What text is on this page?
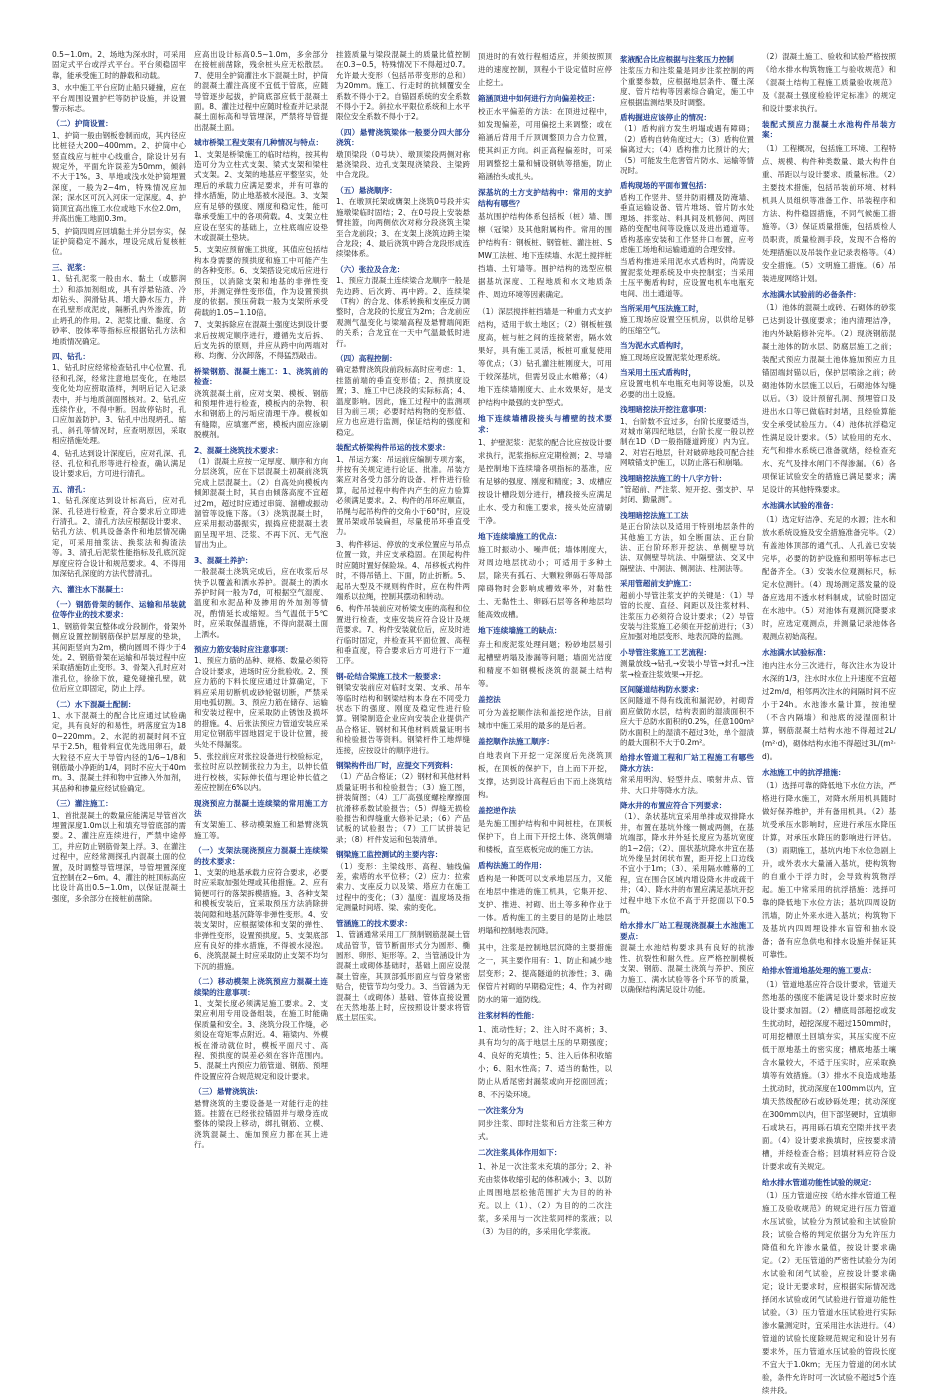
0.5~1.0m。2、场地为深水时，可采用固定式平台或浮式平台。平台须稳固牢靠，能承受施工时的静载和动载。

3、水中施工平台应防止船只碰撞，应在平台周围设置护栏等防护设施，并设置警示标志。

（二）护筒设置：

1、护筒一般由钢板卷制而成，其内径应比桩径大200~400mm。2、护筒中心竖直线应与桩中心线重合，除设计另有规定外，平面允许误差为50mm，倾斜不大于1%。3、旱地或浅水处护筒埋置深度，一般为2~4m，特殊情况应加深；深水区可沉入河床一定深度。4、护筒顶宜高出施工水位或地下水位2.0m，并高出施工地面0.3m。

5、护筒四周应回填黏土并分层夯实，保证护筒稳定不漏水，埋设完成后复核桩位。

三、泥浆：

1、钻孔泥浆一般由水、黏土（或膨润土）和添加剂组成，具有浮悬钻渣、冷却钻头、润滑钻具、增大静水压力，并在孔壁形成泥皮，隔断孔内外渗流，防止坍孔的作用。2、泥浆比重、黏度、含砂率、胶体率等指标应根据钻孔方法和地质情况确定。

四、钻孔：

1、钻孔时应经常检查钻孔中心位置、孔径和孔深，经常注意地层变化，在地层变化处均应捞取渣样，判明后记入记录表中，并与地质剖面图核对。2、钻孔应连续作业，不得中断。因故停钻时，孔口应加盖防护。3、钻孔中出现坍孔、缩孔、斜孔等情况时，应查明原因，采取相应措施处理。

4、钻孔达到设计深度后，应对孔深、孔径、孔位和孔形等进行检查，确认满足设计要求后，方可进行清孔。

五、清孔：

1、钻孔深度达到设计标高后，应对孔深、孔径进行检查，符合要求后立即进行清孔。2、清孔方法应根据设计要求、钻孔方法、机具设备条件和地层情况确定，可采用抽浆法、换浆法和掏渣法等。3、清孔后泥浆性能指标及孔底沉淀厚度应符合设计和规范要求。4、不得用加深钻孔深度的方法代替清孔。

六、灌注水下混凝土：
（一）钢筋骨架的制作、运输和吊装就位等作业的技术要求：

1、钢筋骨架宜整体或分段制作，骨架外侧应设置控制钢筋保护层厚度的垫块，其间距竖向为2m，横向圆周不得少于4处。2、钢筋骨架在运输和吊装过程中应采取措施防止变形。3、骨架入孔时应对准孔位，徐徐下放，避免碰撞孔壁，就位后应立即固定，防止上浮。

（二）水下混凝土配制：

1、水下混凝土的配合比应通过试验确定，具有良好的和易性，坍落度宜为180~220mm。2、水泥的初凝时间不宜早于2.5h，粗骨料宜优先选用卵石，最大粒径不应大于导管内径的1/6~1/8和钢筋最小净距的1/4，同时不应大于40mm。3、混凝土拌和物中宜掺入外加剂，其品种和掺量应经试验确定。

（三）灌注施工：

1、首批混凝土的数量应能满足导管首次埋置深度1.0m以上和填充导管底部的需要。2、灌注应连续进行，严禁中途停工，并应防止钢筋骨架上浮。3、在灌注过程中，应经常测探孔内混凝土面的位置，及时调整导管埋深，导管埋置深度宜控制在2~6m。4、灌注的桩顶标高应比设计高出0.5~1.0m，以保证混凝土强度，多余部分在接桩前凿除。

应高出设计标高0.5~1.0m，多余部分在接桩前凿除，残余桩头应无松散层。7、使用全护筒灌注水下混凝土时，护筒的混凝土灌注高度不宜低于管底，应随导管逐步起拔，护筒底部应低于混凝土面。8、灌注过程中应随时检查并记录混凝土面标高和导管埋深，严禁将导管提出混凝土面。

城市桥梁工程支架有几种情况与特点：

1、支架是桥梁施工的临时结构，按其构造可分为立柱式支架、梁式支架和梁柱式支架。2、支架的地基应平整坚实，处理后的承载力应满足要求，并有可靠的排水措施，防止地基被水浸泡。3、支架应有足够的强度、刚度和稳定性，能可靠承受施工中的各项荷载。4、支架立柱应设在坚实的基础上，立柱底端应设垫木或混凝土垫块。

5、支架应预留施工拱度，其值应包括结构本身需要的预拱度和施工中可能产生的各种变形。6、支架搭设完成后应进行预压，以消除支架和地基的非弹性变形，并测定弹性变形值，作为设置预拱度的依据。预压荷载一般为支架所承受荷载的1.05~1.10倍。

7、支架拆除应在混凝土强度达到设计要求后按规定顺序进行，遵循先支后拆、后支先拆的原则，并应从跨中向两端对称、均衡、分次卸落，不得猛烈敲击。

桥梁钢筋、混凝土施工：1、浇筑前的检查：

浇筑混凝土前，应对支架、模板、钢筋和预埋件进行检查，模板内的杂物、积水和钢筋上的污垢应清理干净。模板如有缝隙，应填塞严密，模板内面应涂刷脱模剂。

2、混凝土浇筑技术要求：

（1）混凝土应按一定厚度、顺序和方向分层浇筑，应在下层混凝土初凝前浇筑完成上层混凝土。（2）自高处向模板内倾卸混凝土时，其自由倾落高度不宜超过2m，超过时应通过串筒、溜槽或振动溜管等设施下落。（3）浇筑混凝土时，应采用振动器振实，振捣应使混凝土表面呈现平坦、泛浆、不再下沉、无气泡冒出为止。

3、混凝土养护：

一般混凝土浇筑完成后，应在收浆后尽快予以覆盖和洒水养护。混凝土的洒水养护时间一般为7d，可根据空气湿度、温度和水泥品种及掺用的外加剂等情况，酌情延长或缩短。当气温低于5℃时，应采取保温措施，不得向混凝土面上洒水。

预应力筋安装时应注意事项：

1、预应力筋的品种、规格、数量必须符合设计要求，进场时应分批验收。2、预应力筋的下料长度应通过计算确定，下料应采用切断机或砂轮锯切断，严禁采用电弧切割。3、预应力筋在储存、运输和安装过程中，应采取防止锈蚀及损坏的措施。4、后张法预应力管道安装应采用定位钢筋牢固地固定于设计位置，接头处不得漏浆。

5、张拉前应对张拉设备进行校验标定，张拉时应以控制张拉力为主，以伸长值进行校核，实际伸长值与理论伸长值之差应控制在6%以内。

现浇预应力混凝土连续梁的常用施工方法

有支架施工、移动模架施工和悬臂浇筑施工等。

（一）支架法现浇预应力混凝土连续梁的技术要求：

1、支架的地基承载力应符合要求，必要时应采取加强处理或其他措施。2、应有简便可行的落架拆模措施。3、各种支架和模板安装后，宜采取预压方法消除拼装间隙和地基沉降等非弹性变形。4、安装支架时，应根据梁体和支架的弹性、非弹性变形，设置预拱度。5、支架底部应有良好的排水措施，不得被水浸泡。6、浇筑混凝土时应采取防止支架不均匀下沉的措施。

（二）移动模架上浇筑预应力混凝土连续梁的注意事项：

1、支架长度必须满足施工要求。2、支架应利用专用设备组装，在施工时能确保质量和安全。3、浇筑分段工作缝，必须设在弯矩零点附近。4、箱梁内、外模板在滑动就位时，模板平面尺寸、高程、预拱度的误差必须在容许范围内。5、混凝土内预应力筋管道、钢筋、预埋件设置应符合规范规定和设计要求。

（三）悬臂浇筑法：

悬臂浇筑的主要设备是一对能行走的挂篮。挂篮在已经张拉锚固并与墩身连成整体的梁段上移动，绑扎钢筋、立模、浇筑混凝土、施加预应力都在其上进行。

挂篮质量与梁段混凝土的质量比值控制在0.3~0.5，特殊情况下不得超过0.7。允许最大变形（包括吊带变形的总和）为20mm。施工、行走时的抗倾覆安全系数不得小于2。自锚固系统的安全系数不得小于2。斜拉水平限位系统和上水平限位安全系数不得小于2。

（四）悬臂浇筑梁体一般要分四大部分浇筑：

墩顶梁段（0号块）、墩顶梁段两侧对称悬浇梁段、边孔支架现浇梁段、主梁跨中合龙段。

（五）悬浇顺序：

1、在墩顶托架或膺架上浇筑0号段并实施墩梁临时固结；2、在0号段上安装悬臂挂篮，向两侧依次对称分段浇筑主梁至合龙前段；3、在支架上浇筑边跨主梁合龙段；4、最后浇筑中跨合龙段形成连续梁体系。

（六）张拉及合龙：

1、预应力混凝土连续梁合龙顺序一般是先边跨、后次跨、再中跨。2、连续梁（T构）的合龙、体系转换和支座反力调整时，合龙段的长度宜为2m；合龙前应观测气温变化与梁端高程及悬臂端间距的关系；合龙宜在一天中气温最低时进行。

（四）高程控制：

确定悬臂浇筑段前段标高时应考虑：1、挂篮前端的垂直变形值；2、预拱度设置；3、施工中已浇段的实际标高；4、温度影响。因此，施工过程中的监测项目为前三项；必要时结构物的变形值、应力也应进行监测，保证结构的强度和稳定。

装配式桥梁构件吊运的技术要求：

1、吊运方案：吊运前应编制专项方案，并按有关规定进行论证、批准。吊装方案应对各受力部分的设备、杆件进行验算，起吊过程中构件内产生的应力验算必须满足要求。2、构件的吊环应顺直，吊绳与起吊构件的交角小于60°时，应设置吊架或吊装扁担，尽量使吊环垂直受力。

3、构件移运、停放的支承位置应与吊点位置一致，并应支承稳固。在顶起构件时应随时置好保险垛。4、吊移板式构件时，不得吊错上、下面，防止折断。5、起吊大型及不规则构件时，应在构件两端系以拉绳，控制其摆动和转动。

6、构件吊装前应对桥梁支座的高程和位置进行检查，支座安装应符合设计及规范要求。7、构件安装就位后，应及时进行临时固定，并检查其平面位置、高程和垂直度，符合要求后方可进行下一道工序。

钢-砼结合梁施工技术一般要求：

钢梁安装前应对临时支架、支承、吊车等临时结构和钢梁结构本身在不同受力状态下的强度、刚度及稳定性进行验算。钢梁制造企业应向安装企业提供产品合格证、钢材和其他材料质量证明书和检验报告等资料。钢梁杆件工地焊缝连接，应按设计的顺序进行。

钢梁构件出厂时，应提交下列资料：

（1）产品合格证；（2）钢材和其他材料质量证明书和检验报告；（3）施工图，拼装简图；（4）工厂高强度螺栓摩擦面抗滑移系数试验报告；（5）焊缝无损检验报告和焊缝重大修补记录；（6）产品试板的试验报告；（7）工厂试拼装记录；（8）杆件发运和包装清单。

钢梁施工监控测试的主要内容：

（1）变形：主梁线形、高程、轴线偏差，索塔的水平位移；（2）应力：拉索索力、支座反力以及梁、塔应力在施工过程中的变化；（3）温度：温度场及指定测量时间塔、梁、索的变化。

管涵施工的技术要求：

1、管涵通常采用工厂预制钢筋混凝土管成品管节，管节断面形式分为圆形、椭圆形、卵形、矩形等。2、当管涵设计为混凝土或砌体基础时，基础上面应设混凝土管座，其顶部弧形面应与管身紧密贴合，使管节均匀受力。3、当管涵为无混凝土（或砌体）基础、管体直接设置在天然地基上时，应按照设计要求将管底土层压实。

顶进时的有效行程相适应，并须按照顶进的速度控制，顶程小于设定值时应停止挖土。

箱涵顶进中如何进行方向偏差校正：

校正水平偏差的方法：在顶进过程中，如发现偏差，可用偏挖土来调整；或在箱涵后背用千斤顶调整顶力合力位置，使其纠正方向。纠正高程偏差时，可采用调整挖土量和铺设钢轨等措施，防止箱涵抬头或扎头。

深基坑的土方支护结构中：常用的支护结构有哪些？

基坑围护结构体系包括板（桩）墙、围檩（冠梁）及其他附属构件。常用的围护结构有：钢板桩、钢管桩、灌注桩、SMW工法桩、地下连续墙、水泥土搅拌桩挡墙、土钉墙等。围护结构的选型应根据基坑深度、工程地质和水文地质条件、周边环境等因素确定。

（1）深层搅拌桩挡墙是一种重力式支护结构，适用于软土地区；（2）钢板桩强度高，桩与桩之间的连接紧密，隔水效果好，具有施工灵活，板桩可重复使用等优点；（3）钻孔灌注桩刚度大，可用于较深基坑，但需另设止水帷幕；（4）地下连续墙刚度大、止水效果好，是支护结构中最强的支护型式。

地下连续墙槽段接头与槽壁的技术要求：

1、护壁泥浆：泥浆的配合比应按设计要求执行，泥浆指标应定期检测；2、导墙是控制地下连续墙各项指标的基准，应有足够的强度、刚度和精度；3、成槽应按设计槽段划分进行，槽段接头应满足止水、受力和施工要求，接头处应清刷干净。

地下连续墙施工的优点：

施工时振动小、噪声低；墙体刚度大，对周边地层扰动小；可适用于多种土层，除夹有孤石、大颗粒卵砾石等局部障碍物时会影响成槽效率外，对黏性土、无黏性土、卵砾石层等各种地层均能高效成槽。

地下连续墙施工的缺点：

弃土和废泥浆处理问题；粉砂地层易引起槽壁坍塌及渗漏等问题；墙面光洁度和精度不如钢模板浇筑的混凝土结构等。

盖挖法

可分为盖挖顺作法和盖挖逆作法，目前城市中施工采用的最多的是后者。

盖挖顺作法施工顺序：

自地表向下开挖一定深度后先浇筑顶板，在顶板的保护下，自上而下开挖，支撑，达到设计高程后由下而上浇筑结构。

盖挖逆作法

是先施工围护结构和中间桩柱，在顶板保护下，自上而下开挖土体、浇筑侧墙和楼板，直至底板完成的施工方法。

盾构法施工的作用：

盾构是一种既可以支承地层压力，又能在地层中推进的施工机具，它集开挖、支护、推进、衬砌、出土等多种作业于一体。盾构施工的主要目的是防止地层坍塌和控制地表沉降。

其中，注浆是控制地层沉降的主要措施之一，其主要作用有：1、防止和减少地层变形；2、提高隧道的抗渗性；3、确保管片衬砌的早期稳定性；4、作为衬砌防水的第一道防线。

注浆材料的性能：

1、流动性好；2、注入时不离析；3、具有均匀的高于地层土压的早期强度；4、良好的充填性；5、注入后体积收缩小；6、阻水性高；7、适当的黏性，以防止从盾尾密封漏浆或向开挖面回流；8、不污染环境。

一次注浆分为

同步注浆、即时注浆和后方注浆三种方式。

二次注浆具体作用如下：

1、补足一次注浆未充填的部分；2、补充由浆体收缩引起的体积减小；3、以防止周围地层松弛范围扩大为目的的补充。以上（1）、（2）为目的的二次注浆，多采用与一次注浆同样的浆液；以（3）为目的的，多采用化学浆液。

浆液配合比应根据与注浆压力控制

注浆压力和注浆量是同步注浆控制的两个重要参数，应根据地层条件、覆土深度、管片结构等因素综合确定，施工中应根据监测结果及时调整。

盾构掘进应该停止的情况：

（1）盾构前方发生坍塌或遇有障碍；（2）盾构自转角度过大；（3）盾构位置偏离过大；（4）盾构推力比预计的大；（5）可能发生危害管片防水、运输等情况时。

盾构现场的平面布置包括：

盾构工作竖井、竖井防雨棚及防淹墙、垂直运输设备、管片堆场、管片防水处理场、拌浆站、料具间及机修间、两回路的变配电间等设施以及进出通道等。盾构基座安装和工作竖井口布置，应考虑施工场地和运输通道的合理安排。

当盾构推进采用泥水式盾构时，尚需设置泥浆处理系统及中央控制室；当采用土压平衡盾构时，应设置电机车电瓶充电间、出土通道等。

当所采用气压法施工时，

施工现场应设置空压机房，以供给足够的压缩空气。

当为泥水式盾构时，

施工现场应设置泥浆处理系统。

当采用土压式盾构时，

应设置电机车电瓶充电间等设施，以及必要的出土设施。

浅埋暗挖法开挖注意事项：

1、台阶数不宜过多，台阶长度要适当，对城市第四纪地层，台阶长度一般以控制在1D（D一般指隧道跨度）内为宜。2、对岩石地层，针对破碎地段可配合挂网喷锚支护施工，以防止落石和崩塌。

浅埋暗挖法施工的十八字方针：

“管超前、严注浆、短开挖、强支护、早封闭、勤量测”。

浅埋暗挖法施工工法

是正台阶法以及适用于特别地层条件的其他施工方法，如全断面法、正台阶法、正台阶环形开挖法、单侧壁导坑法、双侧壁导坑法、中隔壁法、交叉中隔壁法、中洞法、侧洞法、柱洞法等。

采用管超前支护施工：

超前小导管注浆支护的关键是：（1）导管的长度、直径、间距以及注浆材料、注浆压力必须符合设计要求；（2）导管安装与注浆施工必须在开挖前进行；（3）应加强对地层变形、地表沉降的监测。

小导管注浆施工工艺流程：

测量放线→钻孔→安装小导管→封孔→注浆→检查注浆效果→开挖。

区间隧道结构防水要求：

区间隧道不得有线流和漏泥砂，衬砌背面应做防水层，结构表面的湿渍面积不应大于总防水面积的0.2%，任意100m²防水面积上的湿渍不超过3处，单个湿渍的最大面积不大于0.2m²。

给排水管道工程和厂站工程施工有哪些降水方法：

常采用明沟、轻型井点、喷射井点、管井、大口井等降水方法。

降水井的布置应符合下列要求：

（1）、条状基坑宜采用单排或双排降水井，布置在基坑外缘一侧或两侧，在基坑端部，降水井外延长度应为基坑宽度的1~2倍；（2）、面状基坑降水井宜在基坑外缘呈封闭状布置，距开挖上口边线不宜小于1m；（3）、采用隔水帷幕的工程，宜在围合区域内增设降水井或疏干井；（4）、降水井的布置应满足基坑开挖过程中地下水位不高于开挖面以下0.5m。

给水排水厂站工程现浇混凝土水池施工要点：

混凝土水池结构要求具有良好的抗渗性、抗裂性和耐久性。应严格控制模板支架、钢筋、混凝土浇筑与养护、预应力施工、满水试验等各个环节的质量，以确保结构满足设计功能。

（2）混凝土施工、验收和试验严格按照《给水排水构筑物施工与验收规范》和《混凝土结构工程施工质量验收规范》及《混凝土强度检验评定标准》的规定和设计要求执行。

装配式预应力混凝土水池构件吊装方案：

（1）工程概况，包括施工环境、工程特点、规模、构件种类数量、最大构件自重、吊距以与设计要求、质量标准。（2）主要技术措施，包括吊装前环境、材料机具人员组织等准备工作、吊装程序和方法、构件稳固措施，不同气候施工措施等。（3）保证质量措施，包括质检人员职责，质量检测手段，发现不合格的处理措施以及吊装作业记录表格等。（4）安全措施。（5）文明施工措施。（6）吊装进度网络计划。

水池满水试验前的必备条件：

（1）池体的混凝土或砖、石砌体的砂浆已达到设计强度要求；池内清理洁净，池内外缺陷修补完毕。（2）现浇钢筋混凝土池体的防水层、防腐层施工之前；装配式预应力混凝土池体施加预应力且锚固端封锚以后，保护层喷涂之前；砖砌池体防水层施工以后，石砌池体勾缝以后。（3）设计预留孔洞、预埋管口及进出水口等已做临时封堵，且经验算能安全承受试验压力。（4）池体抗浮稳定性满足设计要求。（5）试验用的充水、充气和排水系统已准备就绪，经检查充水、充气及排水闸门不得渗漏。（6）各项保证试验安全的措施已满足要求；满足设计的其他特殊要求。

水池满水试验的准备：

（1）选定好洁净、充足的水源；注水和放水系统设施及安全措施准备完毕。（2）有盖池体顶部的通气孔、人孔盖已安装完毕，必要的防护设施和照明等标志已配备齐全。（3）安装水位观测标尺，标定水位测针。（4）现场测定蒸发量的设备应选用不透水材料制成，试验时固定在水池中。（5）对池体有观测沉降要求时，应选定观测点，并测量记录池体各观测点初始高程。

水池满水试验标准：

池内注水分三次进行，每次注水为设计水深的1/3，注水时水位上升速度不宜超过2m/d，相邻两次注水的间隔时间不应小于24h。水池渗水量计算，按池壁（不含内隔墙）和池底的浸湿面积计算，钢筋混凝土结构水池不得超过2L/(m²·d)，砌体结构水池不得超过3L/(m²·d)。

水池施工中的抗浮措施：

（1）选择可靠的降低地下水位方法，严格进行降水施工，对降水所用机具随时做好保养维护，并有备用机具。（2）基坑受承压水影响时，应进行承压水降压计算，对承压水降压的影响进行评估。（3）雨期施工，基坑内地下水位急剧上升，或外表水大量涌入基坑，使构筑物的自重小于浮力时，会导致构筑物浮起。施工中常采用的抗浮措施：选择可靠的降低地下水位方法；基坑四周设防汛墙，防止外来水进入基坑；构筑物下及基坑内四周埋设排水盲管和抽水设备；备有应急供电和排水设施并保证其可靠性。

给排水管道地基处理的施工要点：

（1）管道地基应符合设计要求，管道天然地基的强度不能满足设计要求时应按设计要求加固。（2）槽底局部超挖或发生扰动时，超挖深度不超过150mm时，可用挖槽原土回填夯实，其压实度不应低于原地基土的密实度；槽底地基土壤含水量较大，不适于压实时，应采取换填等有效措施。（3）排水不良造成地基土扰动时，扰动深度在100mm以内，宜填天然级配砂石或砂砾处理；扰动深度在300mm以内，但下部坚硬时，宜填卵石或块石，再用砾石填充空隙并找平表面。（4）设计要求换填时，应按要求清槽，并经检查合格；回填材料应符合设计要求或有关规定。

给水排水管道功能性试验的规定：

（1）压力管道应按《给水排水管道工程施工及验收规范》的规定进行压力管道水压试验，试验分为预试验和主试验阶段；试验合格的判定依据分为允许压力降值和允许渗水量值，按设计要求确定。（2）无压管道的严密性试验分为闭水试验和闭气试验，应按设计要求确定；设计无要求时，应根据实际情况选择闭水试验或闭气试验进行管道功能性试验。（3）压力管道水压试验进行实际渗水量测定时，宜采用注水法进行。（4）管道的试验长度除规范规定和设计另有要求外，压力管道水压试验的管段长度不宜大于1.0km；无压力管道的闭水试验，条件允许时可一次试验不超过5个连续井段。
